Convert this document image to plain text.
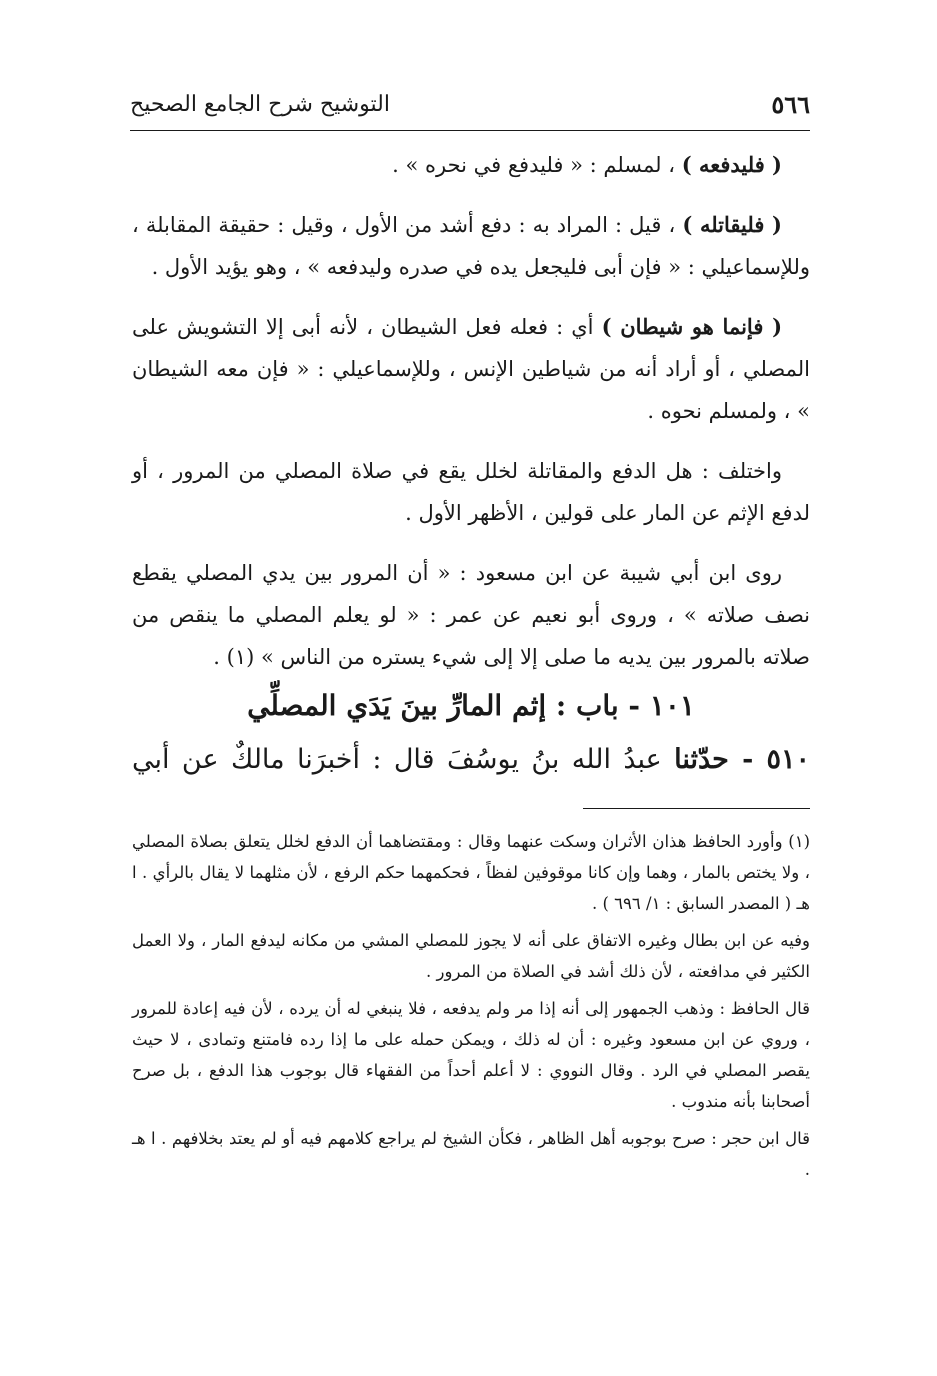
التوشيح شرح الجامع الصحيح	٥٦٦

( فليدفعه ) ، لمسلم : « فليدفع في نحره » .

( فليقاتله ) ، قيل : المراد به : دفع أشد من الأول ، وقيل : حقيقة المقابلة ، وللإسماعيلي : « فإن أبى فليجعل يده في صدره وليدفعه » ، وهو يؤيد الأول .

( فإنما هو شيطان ) أي : فعله فعل الشيطان ، لأنه أبى إلا التشويش على المصلي ، أو أراد أنه من شياطين الإنس ، وللإسماعيلي : « فإن معه الشيطان » ، ولمسلم نحوه .

واختلف : هل الدفع والمقاتلة لخلل يقع في صلاة المصلي من المرور ، أو لدفع الإثم عن المار على قولين ، الأظهر الأول .

روى ابن أبي شيبة عن ابن مسعود : « أن المرور بين يدي المصلي يقطع نصف صلاته » ، وروى أبو نعيم عن عمر : « لو يعلم المصلي ما ينقص من صلاته بالمرور بين يديه ما صلى إلا إلى شيء يستره من الناس » (١) .

١٠١ - باب : إثم المارِّ بينَ يَدَي المصلِّي
٥١٠ - حدّثنا عبدُ الله بنُ يوسُفَ قال : أخبرَنا مالكٌ عن أبي

(١) وأورد الحافظ هذان الأثران وسكت عنهما وقال : ومقتضاهما أن الدفع لخلل يتعلق بصلاة المصلي ، ولا يختص بالمار ، وهما وإن كانا موقوفين لفظاً ، فحكمهما حكم الرفع ، لأن مثلهما لا يقال بالرأي . ا هـ ( المصدر السابق : ١/ ٦٩٦ ) .

وفيه عن ابن بطال وغيره الاتفاق على أنه لا يجوز للمصلي المشي من مكانه ليدفع المار ، ولا العمل الكثير في مدافعته ، لأن ذلك أشد في الصلاة من المرور .

قال الحافظ : وذهب الجمهور إلى أنه إذا مر ولم يدفعه ، فلا ينبغي له أن يرده ، لأن فيه إعادة للمرور ، وروي عن ابن مسعود وغيره : أن له ذلك ، ويمكن حمله على ما إذا رده فامتنع وتمادى ، لا حيث يقصر المصلي في الرد . وقال النووي : لا أعلم أحداً من الفقهاء قال بوجوب هذا الدفع ، بل صرح أصحابنا بأنه مندوب .

قال ابن حجر : صرح بوجوبه أهل الظاهر ، فكأن الشيخ لم يراجع كلامهم فيه أو لم يعتد بخلافهم . ا هـ .
